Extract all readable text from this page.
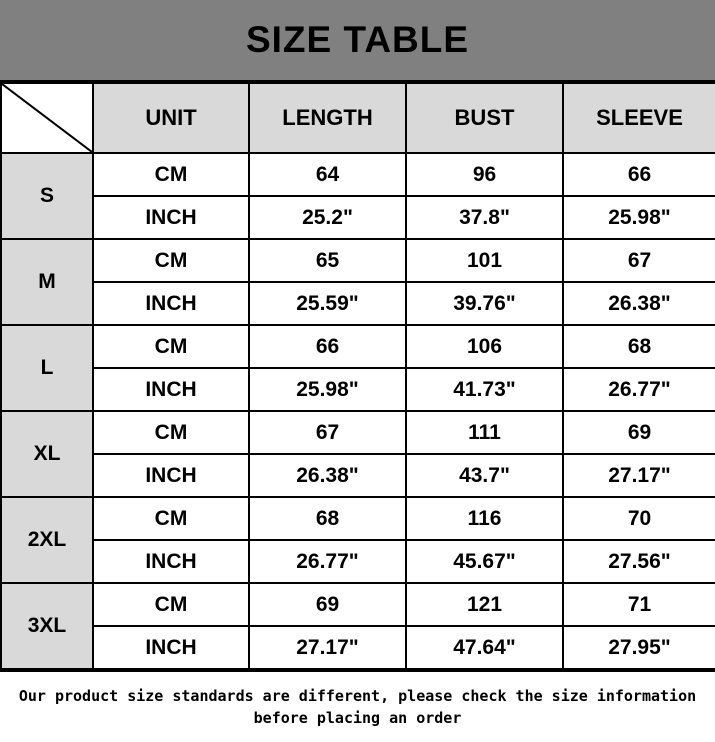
SIZE TABLE
	UNIT	LENGTH	BUST	SLEEVE
S	CM	64	96	66
	INCH	25.2"	37.8"	25.98"
M	CM	65	101	67
	INCH	25.59"	39.76"	26.38"
L	CM	66	106	68
	INCH	25.98"	41.73"	26.77"
XL	CM	67	111	69
	INCH	26.38"	43.7"	27.17"
2XL	CM	68	116	70
	INCH	26.77"	45.67"	27.56"
3XL	CM	69	121	71
	INCH	27.17"	47.64"	27.95"
Our product size standards are different, please check the size information
before placing an order
